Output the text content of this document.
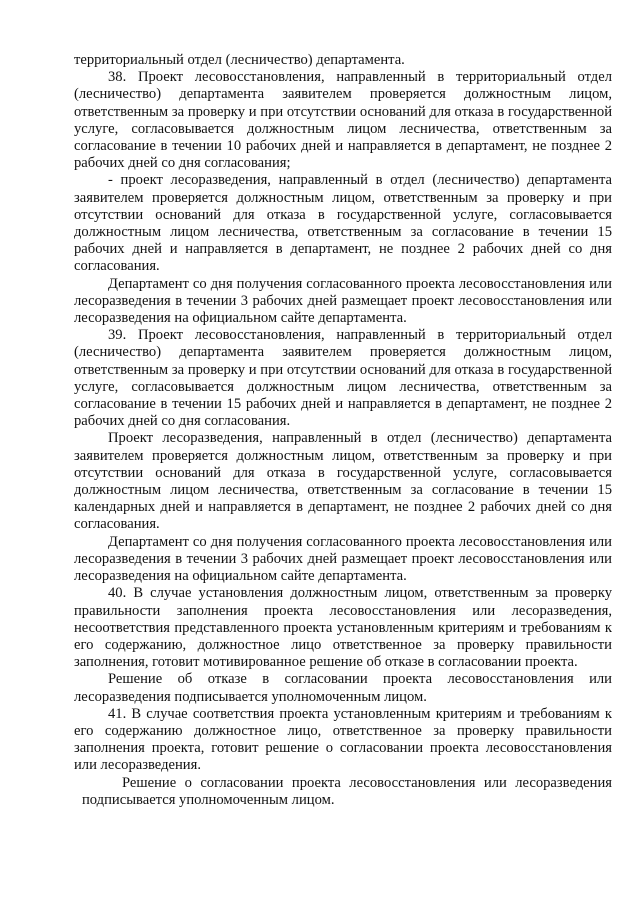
территориальный отдел (лесничество) департамента.

38. Проект лесовосстановления, направленный в территориальный отдел (лесничество) департамента заявителем проверяется должностным лицом, ответственным за проверку и при отсутствии оснований для отказа в государственной услуге, согласовывается должностным лицом лесничества, ответственным за согласование в течении 10 рабочих дней и направляется в департамент, не позднее 2 рабочих дней со дня согласования;

- проект лесоразведения, направленный в отдел (лесничество) департамента заявителем проверяется должностным лицом, ответственным за проверку и при отсутствии оснований для отказа в государственной услуге, согласовывается должностным лицом лесничества, ответственным за согласование в течении 15 рабочих дней и направляется в департамент, не позднее 2 рабочих дней со дня согласования.

Департамент со дня получения согласованного проекта лесовосстановления или лесоразведения в течении 3 рабочих дней размещает проект лесовосстановления или лесоразведения на официальном сайте департамента.

39. Проект лесовосстановления, направленный в территориальный отдел (лесничество) департамента заявителем проверяется должностным лицом, ответственным за проверку и при отсутствии оснований для отказа в государственной услуге, согласовывается должностным лицом лесничества, ответственным за согласование в течении 15 рабочих дней и направляется в департамент, не позднее 2 рабочих дней со дня согласования.

Проект лесоразведения, направленный в отдел (лесничество) департамента заявителем проверяется должностным лицом, ответственным за проверку и при отсутствии оснований для отказа в государственной услуге, согласовывается должностным лицом лесничества, ответственным за согласование в течении 15 календарных дней и направляется в департамент, не позднее 2 рабочих дней со дня согласования.

Департамент со дня получения согласованного проекта лесовосстановления или лесоразведения в течении 3 рабочих дней размещает проект лесовосстановления или лесоразведения на официальном сайте департамента.

40. В случае установления должностным лицом, ответственным за проверку правильности заполнения проекта лесовосстановления или лесоразведения, несоответствия представленного проекта установленным критериям и требованиям к его содержанию, должностное лицо ответственное за проверку правильности заполнения, готовит мотивированное решение об отказе в согласовании проекта.

Решение об отказе в согласовании проекта лесовосстановления или лесоразведения подписывается уполномоченным лицом.

41. В случае соответствия проекта установленным критериям и требованиям к его содержанию должностное лицо, ответственное за проверку правильности заполнения проекта, готовит решение о согласовании проекта лесовосстановления или лесоразведения.

Решение о согласовании проекта лесовосстановления или лесоразведения подписывается уполномоченным лицом.
